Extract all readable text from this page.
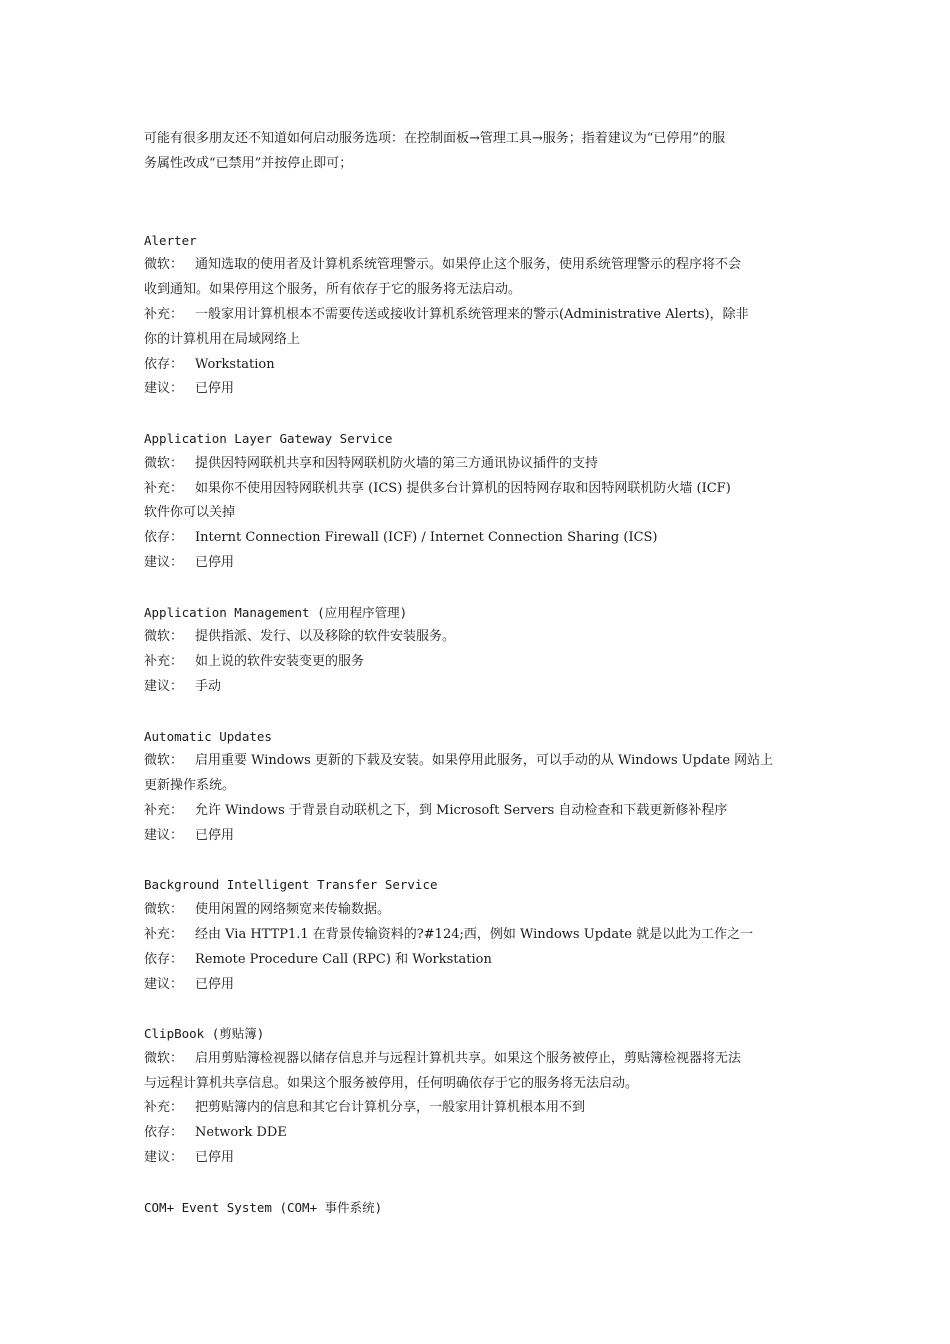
可能有很多朋友还不知道如何启动服务选项：在控制面板→管理工具→服务；指着建议为“已停用”的服

务属性改成“已禁用”并按停止即可；

Alerter

微软： 通知选取的使用者及计算机系统管理警示。如果停止这个服务，使用系统管理警示的程序将不会

收到通知。如果停用这个服务，所有依存于它的服务将无法启动。

补充： 一般家用计算机根本不需要传送或接收计算机系统管理来的警示(Administrative Alerts)，除非

你的计算机用在局域网络上

依存： Workstation
建议： 已停用

Application Layer Gateway Service

微软： 提供因特网联机共享和因特网联机防火墙的第三方通讯协议插件的支持
补充： 如果你不使用因特网联机共享 (ICS) 提供多台计算机的因特网存取和因特网联机防火墙 (ICF)

软件你可以关掉

依存： Internt Connection Firewall (ICF) / Internet Connection Sharing (ICS)
建议： 已停用

Application Management (应用程序管理)

微软： 提供指派、发行、以及移除的软件安装服务。
补充： 如上说的软件安装变更的服务
建议： 手动

Automatic Updates

微软： 启用重要 Windows 更新的下载及安装。如果停用此服务，可以手动的从 Windows Update 网站上

更新操作系统。

补充： 允许 Windows 于背景自动联机之下，到 Microsoft Servers 自动检查和下载更新修补程序
建议： 已停用

Background Intelligent Transfer Service

微软： 使用闲置的网络频宽来传输数据。
补充： 经由 Via HTTP1.1 在背景传输资料的?#124;西，例如 Windows Update 就是以此为工作之一
依存： Remote Procedure Call (RPC) 和 Workstation
建议： 已停用

ClipBook (剪贴簿)

微软： 启用剪贴簿检视器以储存信息并与远程计算机共享。如果这个服务被停止，剪贴簿检视器将无法

与远程计算机共享信息。如果这个服务被停用，任何明确依存于它的服务将无法启动。

补充： 把剪贴簿内的信息和其它台计算机分享，一般家用计算机根本用不到
依存： Network DDE
建议： 已停用

COM+ Event System (COM+ 事件系统)
